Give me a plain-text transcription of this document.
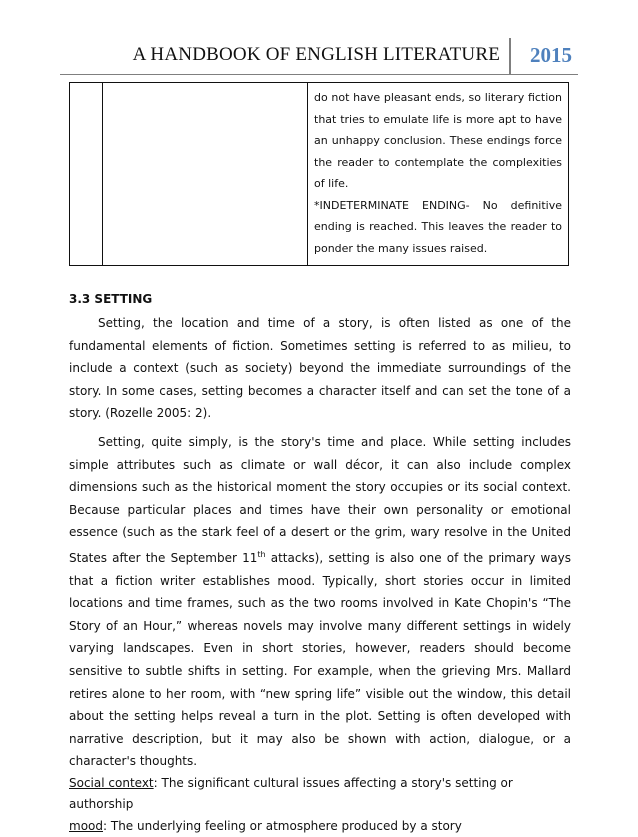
A HANDBOOK OF ENGLISH LITERATURE 2015

do not have pleasant ends, so literary fiction that tries to emulate life is more apt to have an unhappy conclusion. These endings force the reader to contemplate the complexities of life.

*INDETERMINATE ENDING- No definitive ending is reached. This leaves the reader to ponder the many issues raised.

3.3 SETTING

Setting, the location and time of a story, is often listed as one of the fundamental elements of fiction. Sometimes setting is referred to as milieu, to include a context (such as society) beyond the immediate surroundings of the story. In some cases, setting becomes a character itself and can set the tone of a story. (Rozelle 2005: 2).

Setting, quite simply, is the story's time and place. While setting includes simple attributes such as climate or wall décor, it can also include complex dimensions such as the historical moment the story occupies or its social context. Because particular places and times have their own personality or emotional essence (such as the stark feel of a desert or the grim, wary resolve in the United States after the September 11th attacks), setting is also one of the primary ways that a fiction writer establishes mood. Typically, short stories occur in limited locations and time frames, such as the two rooms involved in Kate Chopin's “The Story of an Hour,” whereas novels may involve many different settings in widely varying landscapes. Even in short stories, however, readers should become sensitive to subtle shifts in setting. For example, when the grieving Mrs. Mallard retires alone to her room, with “new spring life” visible out the window, this detail about the setting helps reveal a turn in the plot. Setting is often developed with narrative description, but it may also be shown with action, dialogue, or a character's thoughts.

Social context: The significant cultural issues affecting a story's setting or authorship

mood: The underlying feeling or atmosphere produced by a story
